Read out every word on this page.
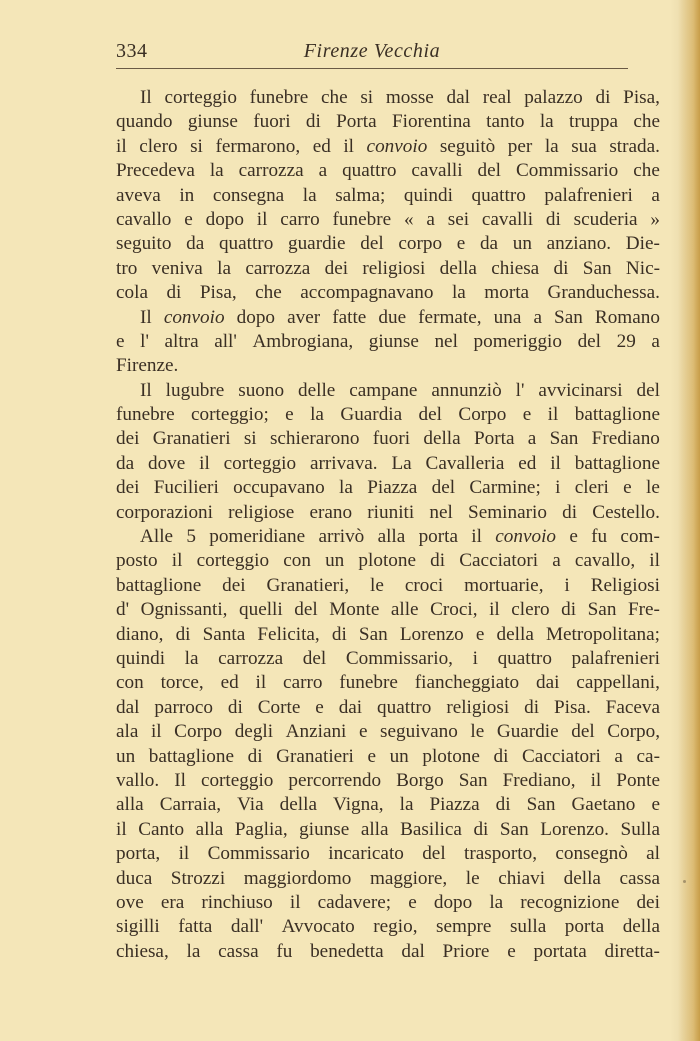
334	Firenze Vecchia
Il corteggio funebre che si mosse dal real palazzo di Pisa,
quando giunse fuori di Porta Fiorentina tanto la truppa che
il clero si fermarono, ed il convoio seguitò per la sua strada.
Precedeva la carrozza a quattro cavalli del Commissario che
aveva in consegna la salma; quindi quattro palafrenieri a
cavallo e dopo il carro funebre « a sei cavalli di scuderia »
seguito da quattro guardie del corpo e da un anziano. Die-
tro veniva la carrozza dei religiosi della chiesa di San Nic-
cola di Pisa, che accompagnavano la morta Granduchessa.
Il convoio dopo aver fatte due fermate, una a San Romano
e l' altra all' Ambrogiana, giunse nel pomeriggio del 29 a
Firenze.
Il lugubre suono delle campane annunziò l' avvicinarsi del
funebre corteggio; e la Guardia del Corpo e il battaglione
dei Granatieri si schierarono fuori della Porta a San Frediano
da dove il corteggio arrivava. La Cavalleria ed il battaglione
dei Fucilieri occupavano la Piazza del Carmine; i cleri e le
corporazioni religiose erano riuniti nel Seminario di Cestello.
Alle 5 pomeridiane arrivò alla porta il convoio e fu com-
posto il corteggio con un plotone di Cacciatori a cavallo, il
battaglione dei Granatieri, le croci mortuarie, i Religiosi
d' Ognissanti, quelli del Monte alle Croci, il clero di San Fre-
diano, di Santa Felicita, di San Lorenzo e della Metropolitana;
quindi la carrozza del Commissario, i quattro palafrenieri
con torce, ed il carro funebre fiancheggiato dai cappellani,
dal parroco di Corte e dai quattro religiosi di Pisa. Faceva
ala il Corpo degli Anziani e seguivano le Guardie del Corpo,
un battaglione di Granatieri e un plotone di Cacciatori a ca-
vallo. Il corteggio percorrendo Borgo San Frediano, il Ponte
alla Carraia, Via della Vigna, la Piazza di San Gaetano e
il Canto alla Paglia, giunse alla Basilica di San Lorenzo. Sulla
porta, il Commissario incaricato del trasporto, consegnò al
duca Strozzi maggiordomo maggiore, le chiavi della cassa
ove era rinchiuso il cadavere; e dopo la recognizione dei
sigilli fatta dall' Avvocato regio, sempre sulla porta della
chiesa, la cassa fu benedetta dal Priore e portata diretta-
